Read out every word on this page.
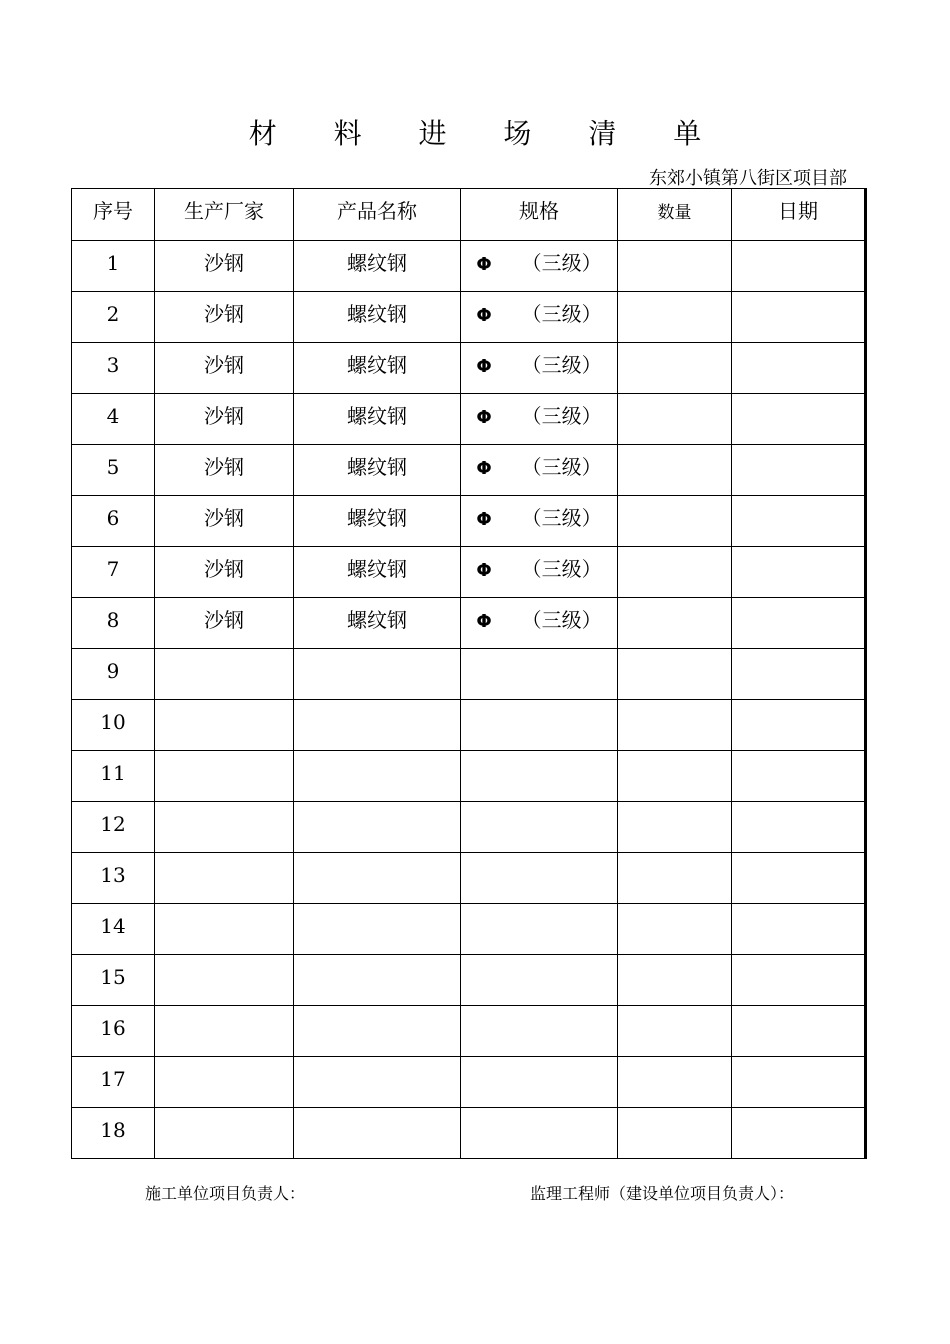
材 料 进 场 清 单
东郊小镇第八街区项目部
序号	生产厂家	产品名称	规格	数量	日期
1	沙钢	螺纹钢	Φ （三级）		
2	沙钢	螺纹钢	Φ （三级）		
3	沙钢	螺纹钢	Φ （三级）		
4	沙钢	螺纹钢	Φ （三级）		
5	沙钢	螺纹钢	Φ （三级）		
6	沙钢	螺纹钢	Φ （三级）		
7	沙钢	螺纹钢	Φ （三级）		
8	沙钢	螺纹钢	Φ （三级）		
9					
10					
11					
12					
13					
14					
15					
16					
17					
18					
施工单位项目负责人：	监理工程师（建设单位项目负责人）：
